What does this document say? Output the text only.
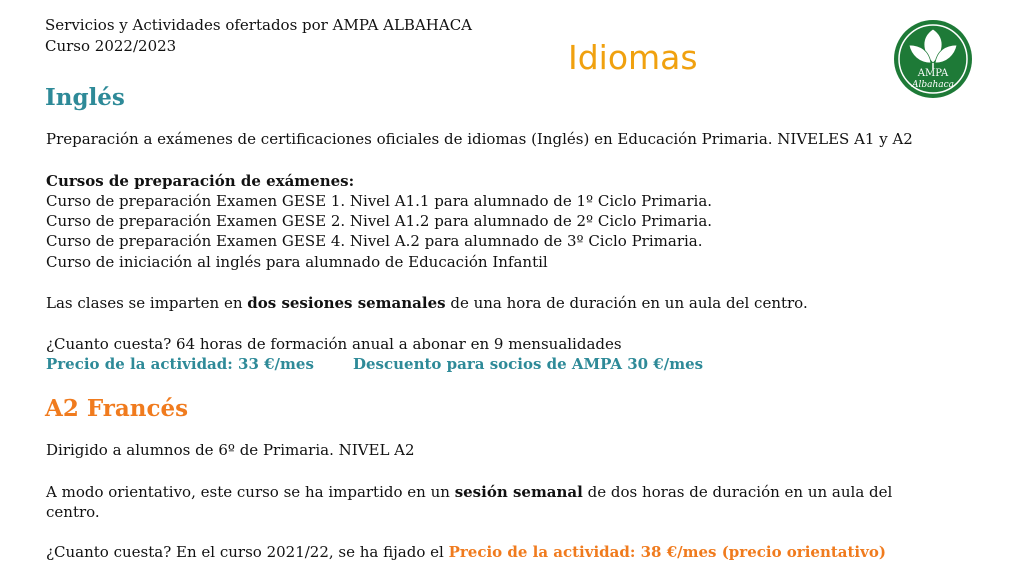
Servicios y Actividades ofertados por AMPA ALBAHACA

Curso 2022/2023	Idiomas	AMPA
Albahaca

Inglés

Preparación a exámenes de certificaciones oficiales de idiomas (Inglés) en Educación Primaria. NIVELES A1 y A2

Cursos de preparación de exámenes:

Curso de preparación Examen GESE 1. Nivel A1.1 para alumnado de 1º Ciclo Primaria.

Curso de preparación Examen GESE 2. Nivel A1.2 para alumnado de 2º Ciclo Primaria.

Curso de preparación Examen GESE 4. Nivel A.2 para alumnado de 3º Ciclo Primaria.

Curso de iniciación al inglés para alumnado de Educación Infantil

Las clases se imparten en dos sesiones semanales de una hora de duración en un aula del centro.

¿Cuanto cuesta? 64 horas de formación anual a abonar en 9 mensualidades

Precio de la actividad: 33 €/mes	Descuento para socios de AMPA 30 €/mes

A2 Francés

Dirigido a alumnos de 6º de Primaria. NIVEL A2

A modo orientativo, este curso se ha impartido en un sesión semanal de dos horas de duración en un aula del

centro.

¿Cuanto cuesta? En el curso 2021/22, se ha fijado el Precio de la actividad: 38 €/mes (precio orientativo)
